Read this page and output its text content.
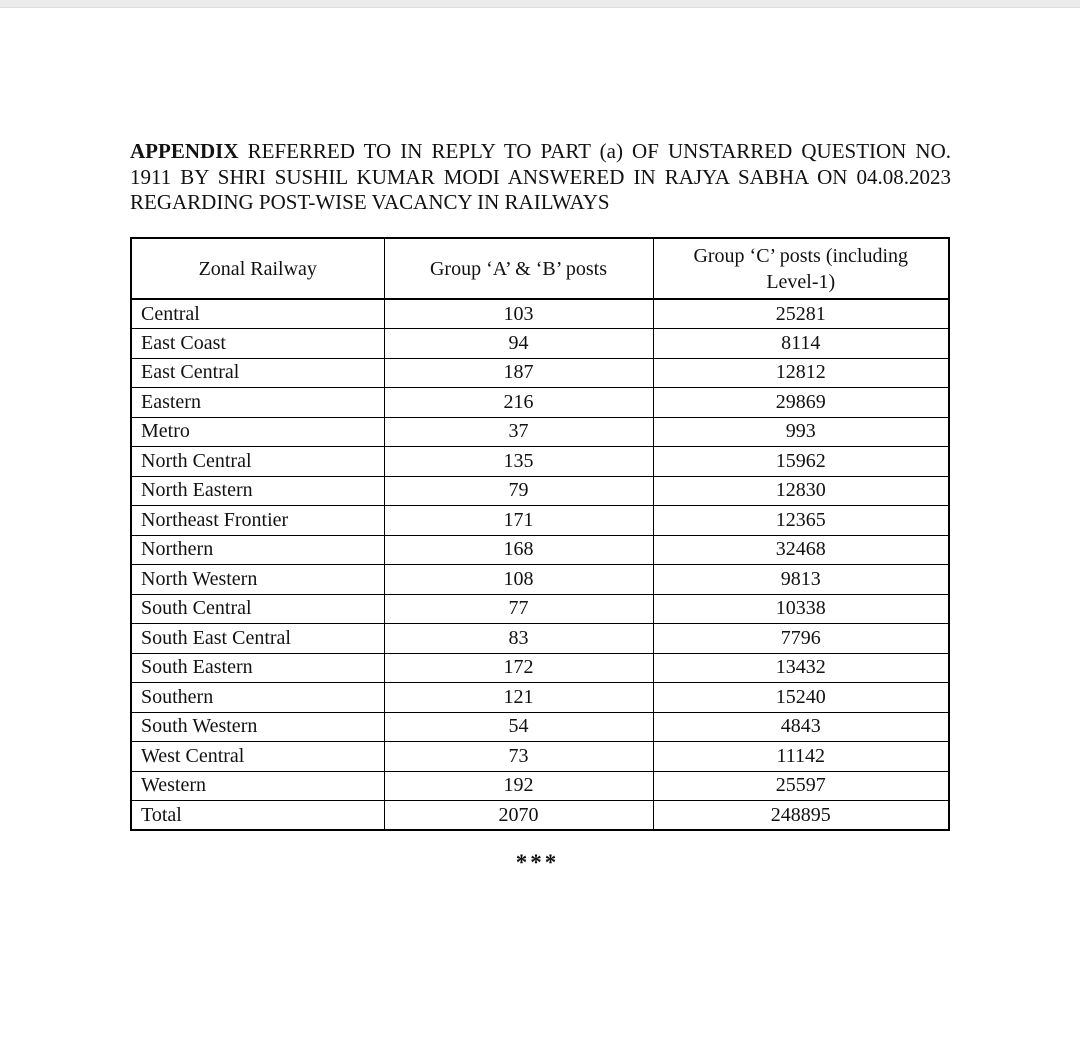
APPENDIX REFERRED TO IN REPLY TO PART (a) OF UNSTARRED QUESTION NO. 1911 BY SHRI SUSHIL KUMAR MODI ANSWERED IN RAJYA SABHA ON 04.08.2023 REGARDING POST-WISE VACANCY IN RAILWAYS
Zonal Railway	Group ‘A’ & ‘B’ posts	Group ‘C’ posts (including
Level-1)
Central	103	25281
East Coast	94	8114
East Central	187	12812
Eastern	216	29869
Metro	37	993
North Central	135	15962
North Eastern	79	12830
Northeast Frontier	171	12365
Northern	168	32468
North Western	108	9813
South Central	77	10338
South East Central	83	7796
South Eastern	172	13432
Southern	121	15240
South Western	54	4843
West Central	73	11142
Western	192	25597
Total	2070	248895
***
